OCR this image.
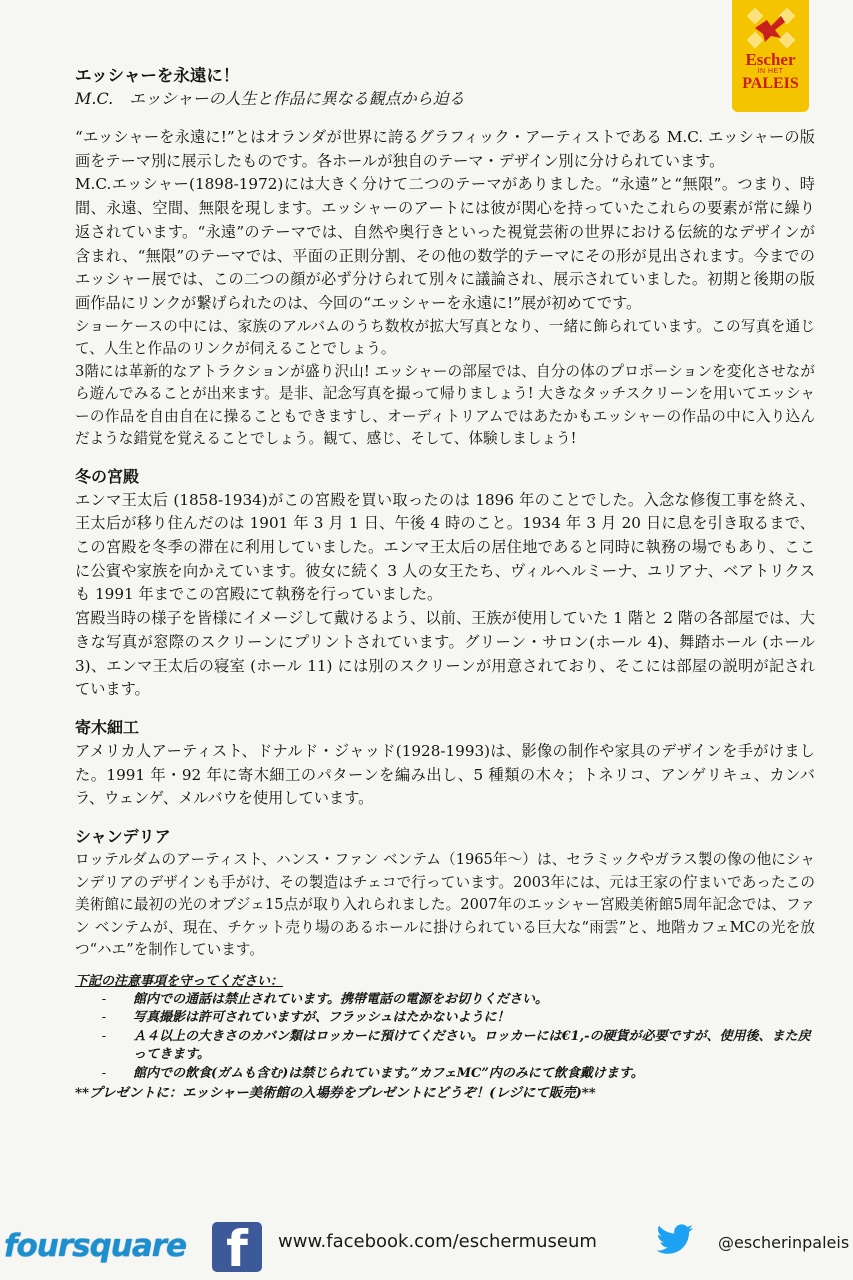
Escher
IN HET
PALEIS

エッシャーを永遠に！

M.C.　エッシャーの人生と作品に異なる観点から迫る

“エッシャーを永遠に!”とはオランダが世界に誇るグラフィック・アーティストである M.C. エッシャーの版画をテーマ別に展示したものです。各ホールが独自のテーマ・デザイン別に分けられています。

M.C.エッシャー(1898-1972)には大きく分けて二つのテーマがありました。“永遠”と“無限”。つまり、時間、永遠、空間、無限を現します。エッシャーのアートには彼が関心を持っていたこれらの要素が常に繰り返されています。“永遠”のテーマでは、自然や奥行きといった視覚芸術の世界における伝統的なデザインが含まれ、“無限”のテーマでは、平面の正則分割、その他の数学的テーマにその形が見出されます。今までのエッシャー展では、この二つの顔が必ず分けられて別々に議論され、展示されていました。初期と後期の版画作品にリンクが繋げられたのは、今回の“エッシャーを永遠に!”展が初めてです。

ショーケースの中には、家族のアルバムのうち数枚が拡大写真となり、一緒に飾られています。この写真を通じて、人生と作品のリンクが伺えることでしょう。

3階には革新的なアトラクションが盛り沢山! エッシャーの部屋では、自分の体のプロポーションを変化させながら遊んでみることが出来ます。是非、記念写真を撮って帰りましょう! 大きなタッチスクリーンを用いてエッシャーの作品を自由自在に操ることもできますし、オーディトリアムではあたかもエッシャーの作品の中に入り込んだような錯覚を覚えることでしょう。観て、感じ、そして、体験しましょう!

冬の宮殿

エンマ王太后 (1858-1934)がこの宮殿を買い取ったのは 1896 年のことでした。入念な修復工事を終え、王太后が移り住んだのは 1901 年 3 月 1 日、午後 4 時のこと。1934 年 3 月 20 日に息を引き取るまで、この宮殿を冬季の滞在に利用していました。エンマ王太后の居住地であると同時に執務の場でもあり、ここに公賓や家族を向かえています。彼女に続く 3 人の女王たち、ヴィルヘルミーナ、ユリアナ、ベアトリクスも 1991 年までこの宮殿にて執務を行っていました。

宮殿当時の様子を皆様にイメージして戴けるよう、以前、王族が使用していた 1 階と 2 階の各部屋では、大きな写真が窓際のスクリーンにプリントされています。グリーン・サロン(ホール 4)、舞踏ホール (ホール 3)、エンマ王太后の寝室 (ホール 11) には別のスクリーンが用意されており、そこには部屋の説明が記されています。

寄木細工

アメリカ人アーティスト、ドナルド・ジャッド(1928-1993)は、影像の制作や家具のデザインを手がけました。1991 年・92 年に寄木細工のパターンを編み出し、5 種類の木々；トネリコ、アンゲリキュ、カンバラ、ウェンゲ、メルバウを使用しています。

シャンデリア

ロッテルダムのアーティスト、ハンス・ファン ベンテム（1965年～）は、セラミックやガラス製の像の他にシャンデリアのデザインも手がけ、その製造はチェコで行っています。2003年には、元は王家の佇まいであったこの美術館に最初の光のオブジェ15点が取り入れられました。2007年のエッシャー宮殿美術館5周年記念では、ファン ベンテムが、現在、チケット売り場のあるホールに掛けられている巨大な“雨雲”と、地階カフェMCの光を放つ“ハエ”を制作しています。

下記の注意事項を守ってください：

-	館内での通話は禁止されています。携帯電話の電源をお切りください。
-	写真撮影は許可されていますが、フラッシュはたかないように！
-	Ａ４以上の大きさのカバン類はロッカーに預けてください。ロッカーには€1,-の硬貨が必要ですが、使用後、また戻ってきます。
-	館内での飲食(ガムも含む)は禁じられています。”カフェMC”内のみにて飲食戴けます。

**プレゼントに：エッシャー美術館の入場券をプレゼントにどうぞ！(レジにて販売)**

foursquare f www.facebook.com/eschermuseum	@escherinpaleis
